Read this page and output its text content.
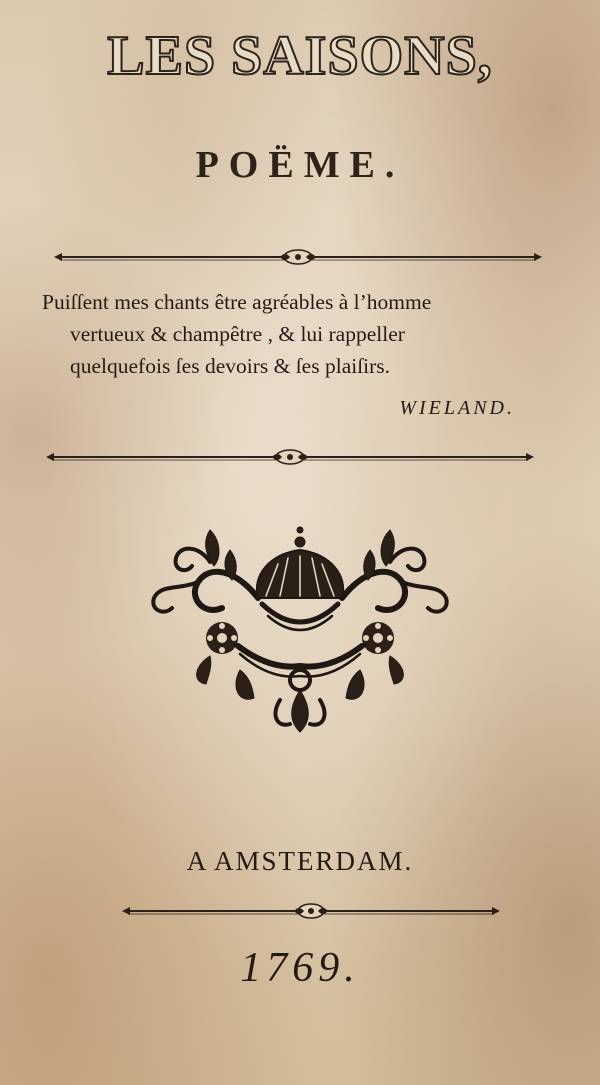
LES SAISONS,
POËME.
Puiſſent mes chants être agréables à l’homme
vertueux & champêtre , & lui rappeller
quelquefois ſes devoirs & ſes plaiſirs.
WIELAND.
A AMSTERDAM.
1769.
